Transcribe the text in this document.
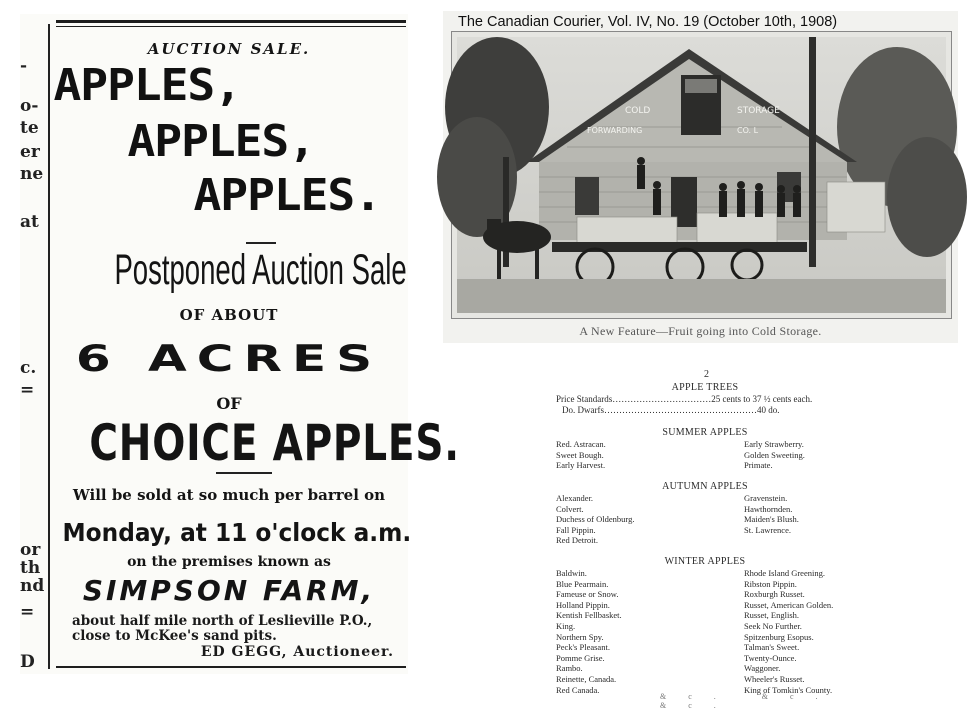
-
o-
te
er
ne
at
c.
=
or
th
nd
=
D
AUCTION SALE.
APPLES,
APPLES,
APPLES.
Postponed Auction Sale
OF ABOUT
6 ACRES
OF
CHOICE APPLES.
Will be sold at so much per barrel on
Monday, at 11 o'clock a.m.
on the premises known as
SIMPSON FARM,
about half mile north of Leslieville P.O., close to McKee's sand pits.
ED GEGG, Auctioneer.
The Canadian Courier, Vol. IV, No. 19 (October 10th, 1908)
COLD	STORAGE
FORWARDING	CO. L
A New Feature—Fruit going into Cold Storage.
2
APPLE TREES
Price Standards……………………………25 cents to 37 ½ cents each.
Do. Dwarfs……………………………………………40 do.
SUMMER APPLES
Red. Astracan.
Sweet Bough.
Early Harvest.
Early Strawberry.
Golden Sweeting.
Primate.
AUTUMN APPLES
Alexander.
Colvert.
Duchess of Oldenburg.
Fall Pippin.
Red Detroit.
Gravenstein.
Hawthornden.
Maiden's Blush.
St. Lawrence.
WINTER APPLES
Baldwin.
Blue Pearmain.
Fameuse or Snow.
Holland Pippin.
Kentish Fellbasket.
King.
Northern Spy.
Peck's Pleasant.
Pomme Grise.
Rambo.
Reinette, Canada.
Red Canada.
Rhode Island Greening.
Ribston Pippin.
Roxburgh Russet.
Russet, American Golden.
Russet, English.
Seek No Further.
Spitzenburg Esopus.
Talman's Sweet.
Twenty-Ounce.
Waggoner.
Wheeler's Russet.
King of Tomkin's County.
&c. &c. &c.
